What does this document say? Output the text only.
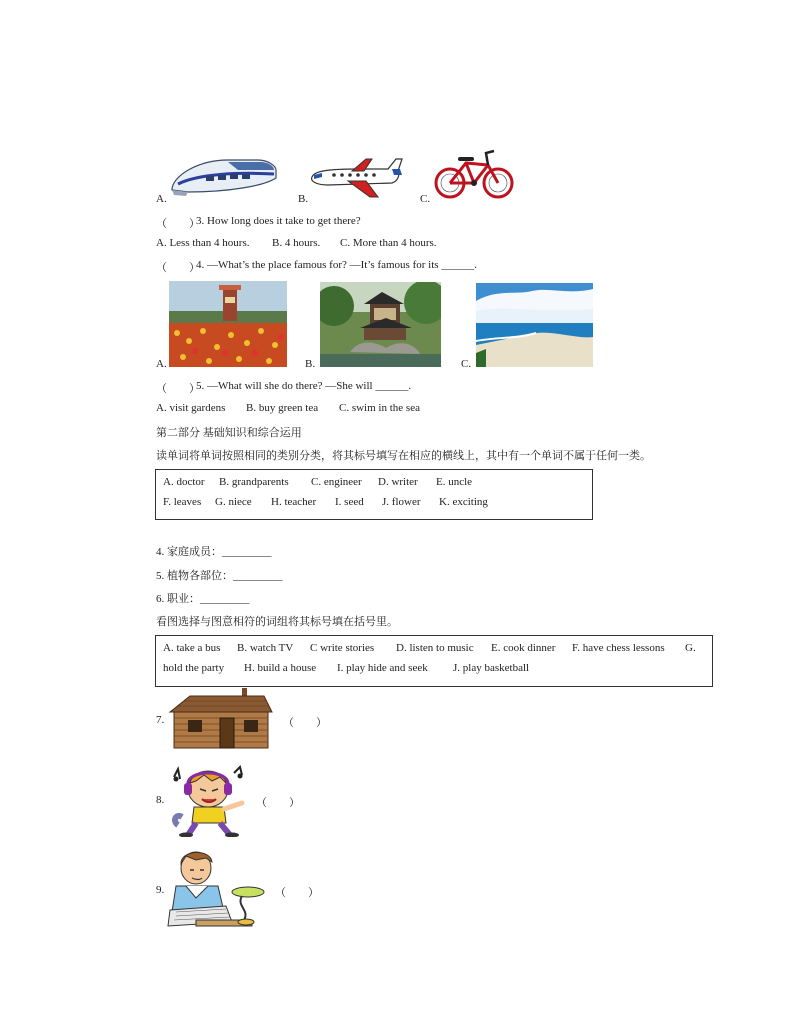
A.	B.	C.
（　　）
3. How long does it take to get there?
A. Less than 4 hours. B. 4 hours. C. More than 4 hours.
（　　）
4. —What’s the place famous for? —It’s famous for its ______.
A.	B.	C.
（　　）
5. —What will she do there? —She will ______.
A. visit gardens B. buy green tea C. swim in the sea
第二部分 基础知识和综合运用
读单词将单词按照相同的类别分类，将其标号填写在相应的横线上，其中有一个单词不属于任何一类。
A. doctor B. grandparents C. engineer D. writer E. uncle
F. leaves G. niece H. teacher I. seed J. flower K. exciting
4. 家庭成员：_________
5. 植物各部位：_________
6. 职业：_________
看图选择与图意相符的词组将其标号填在括号里。
A. take a bus B. watch TV C write stories D. listen to music E. cook dinner F. have chess lessons G.
hold the party H. build a house I. play hide and seek J. play basketball
7.	（　　）
8.	（　　）
9.	（　　）
